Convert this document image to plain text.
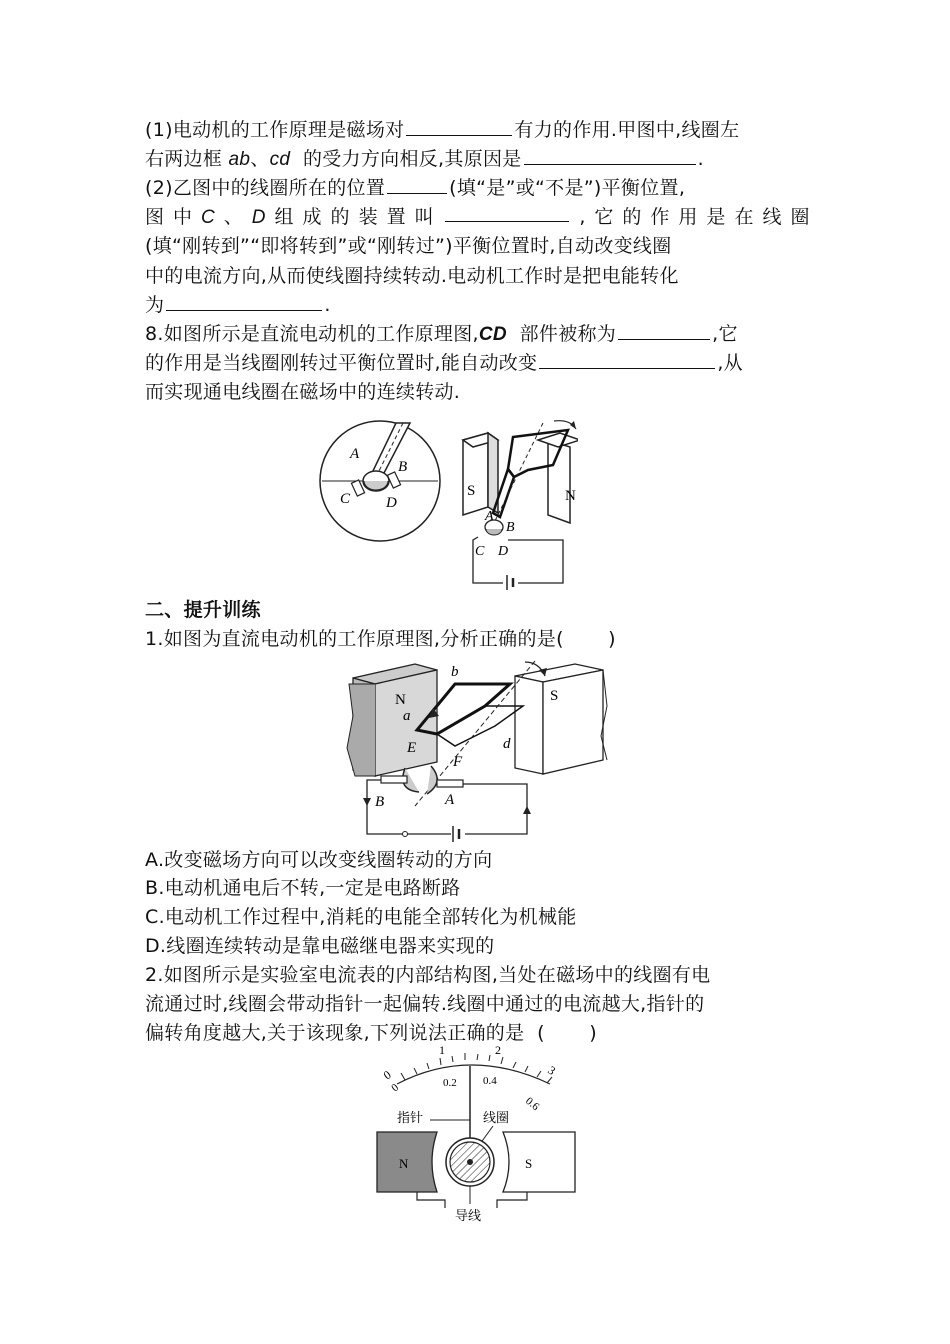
(1)电动机的工作原理是磁场对	有力的作用.甲图中,线圈左
右两边框 ab、cd 的受力方向相反,其原因是	.
(2)乙图中的线圈所在的位置	(填“是”或“不是”)平衡位置,
图 中 C 、 D 组 成 的 装 置 叫	, 它 的 作 用 是 在 线 圈
(填“刚转到”“即将转到”或“刚转过”)平衡位置时,自动改变线圈
中的电流方向,从而使线圈持续转动.电动机工作时是把电能转化
为	.
8.如图所示是直流电动机的工作原理图,CD 部件被称为	,它
的作用是当线圈刚转过平衡位置时,能自动改变	,从
而实现通电线圈在磁场中的连续转动.
A
B
C D
S	N
A
B
C D
二、提升训练
1.如图为直流电动机的工作原理图,分析正确的是( )
N	S
a
b
d
E
F
B	A
A.改变磁场方向可以改变线圈转动的方向
B.电动机通电后不转,一定是电路断路
C.电动机工作过程中,消耗的电能全部转化为机械能
D.线圈连续转动是靠电磁继电器来实现的
2.如图所示是实验室电流表的内部结构图,当处在磁场中的线圈有电
流通过时,线圈会带动指针一起偏转.线圈中通过的电流越大,指针的
偏转角度越大,关于该现象,下列说法正确的是 ( )
0
1	2
3
0	0.2 0.4
0.6
指针	线圈
N	S
导线
